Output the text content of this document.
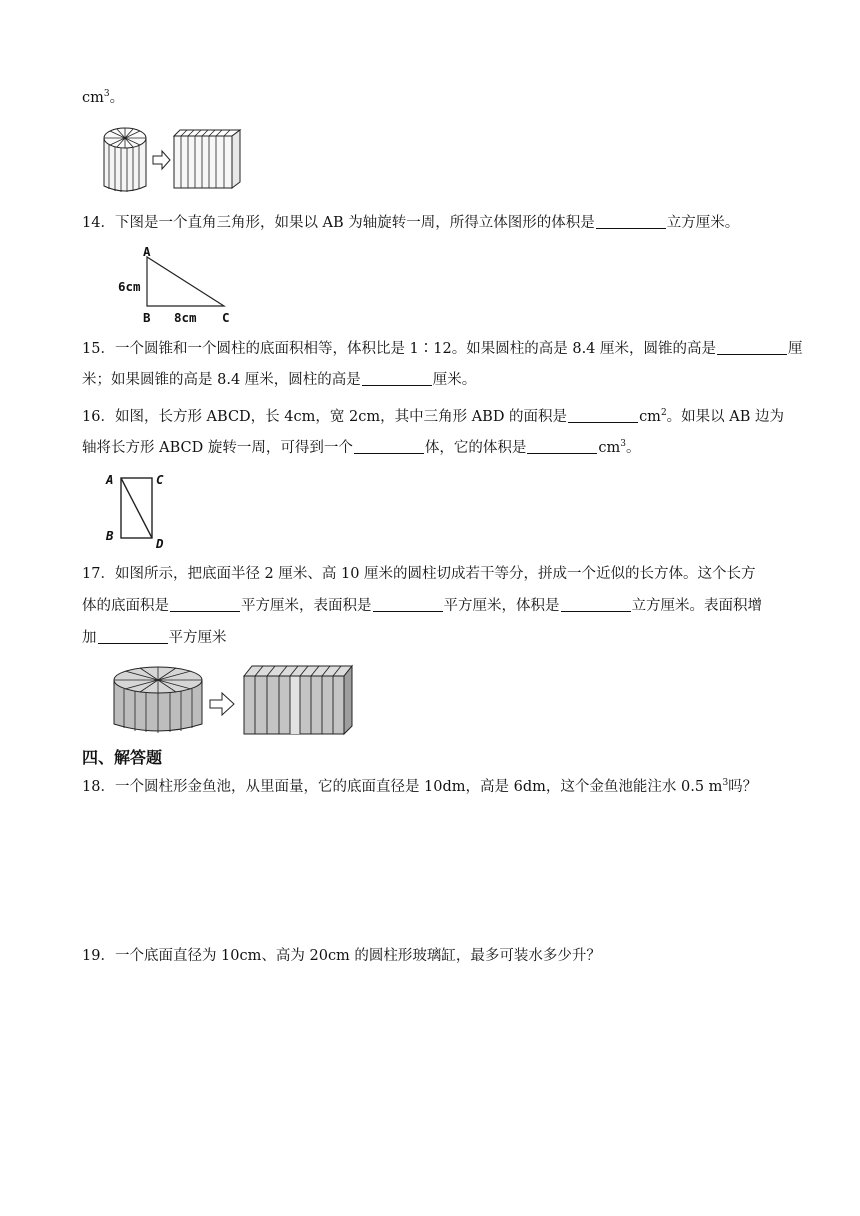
$cm^3$。
14．下图是一个直角三角形，如果以 AB 为轴旋转一周，所得立体图形的体积是	立方厘米。
A
6cm
B 8cm C
15．一个圆锥和一个圆柱的底面积相等，体积比是 1∶12。如果圆柱的高是 8.4 厘米，圆锥的高是	厘
米；如果圆锥的高是 8.4 厘米，圆柱的高是	厘米。
16．如图，长方形 ABCD，长 4cm，宽 2cm，其中三角形 ABD 的面积是	$cm^2$。如果以 AB 边为
轴将长方形 ABCD 旋转一周，可得到一个	体，它的体积是	$cm^3$。
A	C
B
D
17．如图所示，把底面半径 2 厘米、高 10 厘米的圆柱切成若干等分，拼成一个近似的长方体。这个长方
体的底面积是	平方厘米，表面积是	平方厘米，体积是	立方厘米。表面积增
加	平方厘米
四、解答题
18．一个圆柱形金鱼池，从里面量，它的底面直径是 10dm，高是 6dm，这个金鱼池能注水 0.5 $m^3$吗？
19．一个底面直径为 10cm、高为 20cm 的圆柱形玻璃缸，最多可装水多少升？
